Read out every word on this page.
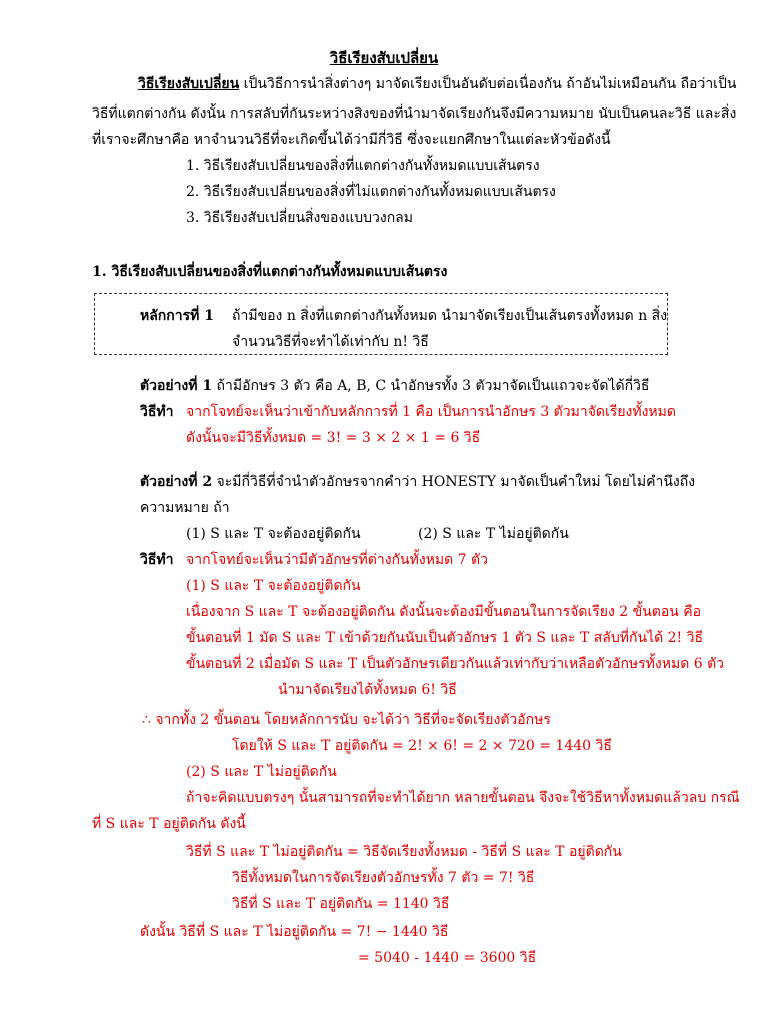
วิธีเรียงสับเปลี่ยน
วิธีเรียงสับเปลี่ยน เป็นวิธีการนำสิ่งต่างๆ มาจัดเรียงเป็นอันดับต่อเนื่องกัน ถ้าอันไม่เหมือนกัน ถือว่าเป็น
วิธีที่แตกต่างกัน ดังนั้น การสลับที่กันระหว่างสิงของที่นำมาจัดเรียงกันจึงมีความหมาย นับเป็นคนละวิธี และสิ่ง
ที่เราจะศึกษาคือ หาจำนวนวิธีที่จะเกิดขึ้นได้ว่ามีกี่วิธี ซึ่งจะแยกศึกษาในแต่ละหัวข้อดังนี้
1. วิธีเรียงสับเปลี่ยนของสิ่งที่แตกต่างกันทั้งหมดแบบเส้นตรง
2. วิธีเรียงสับเปลี่ยนของสิ่งที่ไม่แตกต่างกันทั้งหมดแบบเส้นตรง
3. วิธีเรียงสับเปลี่ยนสิ่งของแบบวงกลม
1. วิธีเรียงสับเปลี่ยนของสิ่งที่แตกต่างกันทั้งหมดแบบเส้นตรง
หลักการที่ 1 ถ้ามีของ n สิ่งที่แตกต่างกันทั้งหมด นำมาจัดเรียงเป็นเส้นตรงทั้งหมด n สิ่ง
จำนวนวิธีที่จะทำได้เท่ากับ n! วิธี
ตัวอย่างที่ 1 ถ้ามีอักษร 3 ตัว คือ A, B, C นำอักษรทั้ง 3 ตัวมาจัดเป็นแถวจะจัดได้กี่วิธี
วิธีทำ จากโจทย์จะเห็นว่าเข้ากับหลักการที่ 1 คือ เป็นการนำอักษร 3 ตัวมาจัดเรียงทั้งหมด
ดังนั้นจะมีวิธีทั้งหมด = 3! = 3 × 2 × 1 = 6 วิธี
ตัวอย่างที่ 2 จะมีกี่วิธีที่จำนำตัวอักษรจากคำว่า HONESTY มาจัดเป็นคำใหม่ โดยไม่คำนึงถึง
ความหมาย ถ้า
(1) S และ T จะต้องอยู่ติดกัน	(2) S และ T ไม่อยู่ติดกัน
วิธีทำ จากโจทย์จะเห็นว่ามีตัวอักษรที่ต่างกันทั้งหมด 7 ตัว
(1) S และ T จะต้องอยู่ติดกัน
เนื่องจาก S และ T จะต้องอยู่ติดกัน ดังนั้นจะต้องมีขั้นตอนในการจัดเรียง 2 ขั้นตอน คือ
ขั้นตอนที่ 1 มัด S และ T เข้าด้วยกันนับเป็นตัวอักษร 1 ตัว S และ T สลับที่กันได้ 2! วิธี
ขั้นตอนที่ 2 เมื่อมัด S และ T เป็นตัวอักษรเดียวกันแล้วเท่ากับว่าเหลือตัวอักษรทั้งหมด 6 ตัว
นำมาจัดเรียงได้ทั้งหมด 6! วิธี
∴ จากทั้ง 2 ขั้นตอน โดยหลักการนับ จะได้ว่า วิธีที่จะจัดเรียงตัวอักษร
โดยให้ S และ T อยู่ติดกัน = 2! × 6! = 2 × 720 = 1440 วิธี
(2) S และ T ไม่อยู่ติดกัน
ถ้าจะคิดแบบตรงๆ นั้นสามารถที่จะทำได้ยาก หลายขั้นตอน จึงจะใช้วิธีหาทั้งหมดแล้วลบ กรณี
ที่ S และ T อยู่ติดกัน ดังนี้
วิธีที่ S และ T ไม่อยู่ติดกัน = วิธีจัดเรียงทั้งหมด - วิธีที่ S และ T อยู่ติดกัน
วิธีทั้งหมดในการจัดเรียงตัวอักษรทั้ง 7 ตัว = 7! วิธี
วิธีที่ S และ T อยู่ติดกัน = 1140 วิธี
ดังนั้น วิธีที่ S และ T ไม่อยู่ติดกัน = 7! − 1440 วิธี
= 5040 - 1440 = 3600 วิธี
